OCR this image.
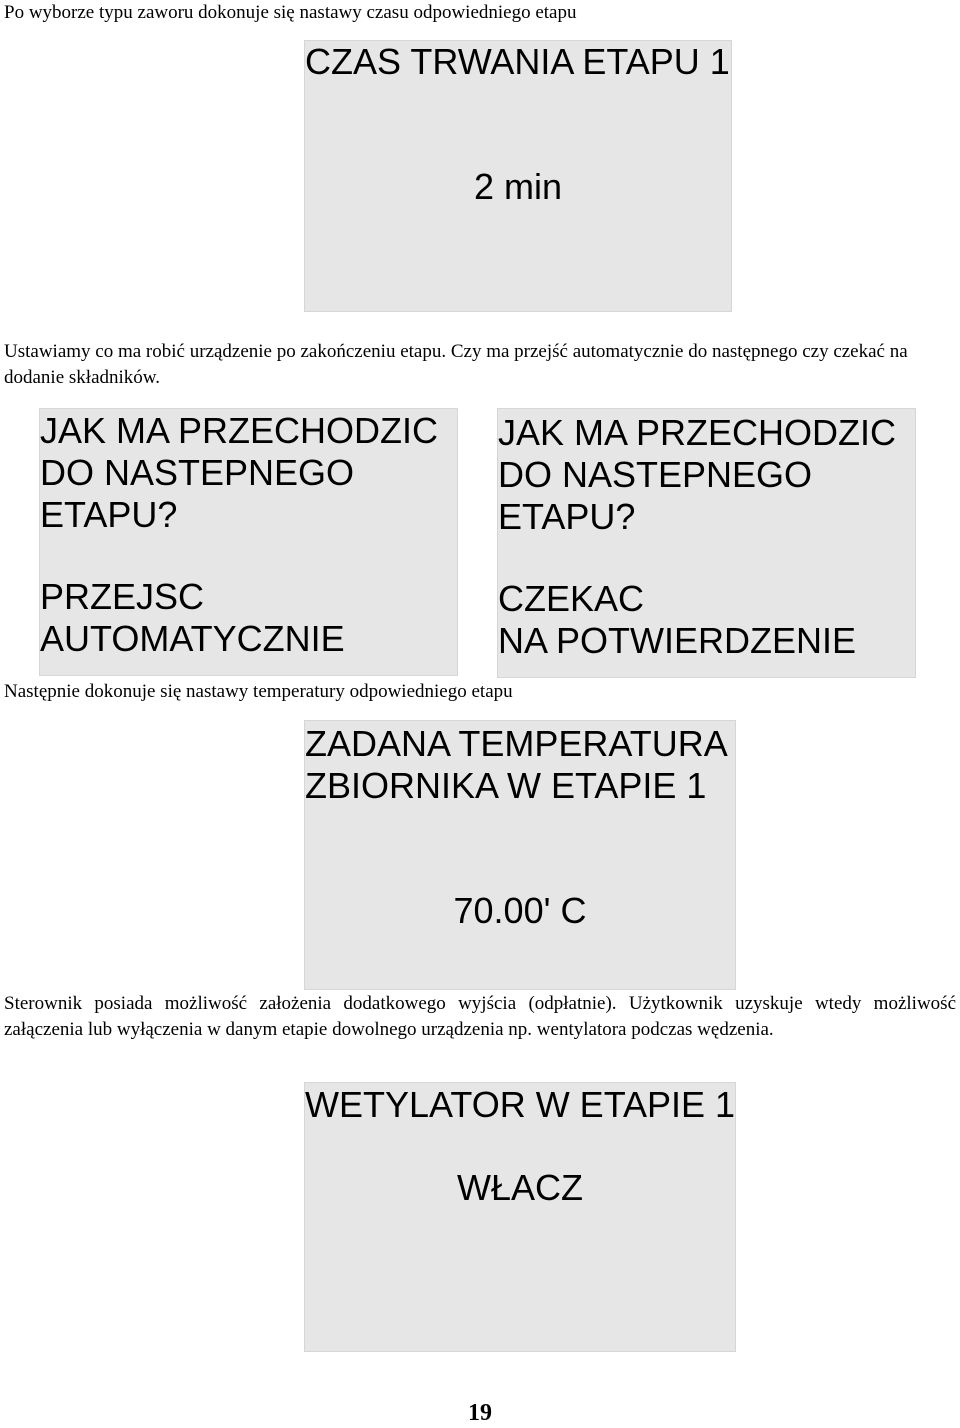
Po wyborze typu zaworu dokonuje się nastawy czasu odpowiedniego etapu

CZAS TRWANIA ETAPU 1
2 min

Ustawiamy co ma robić urządzenie po zakończeniu etapu. Czy ma przejść automatycznie do następnego czy czekać na dodanie składników.

JAK MA PRZECHODZIC
DO NASTEPNEGO
ETAPU?
PRZEJSC
AUTOMATYCZNIE
JAK MA PRZECHODZIC
DO NASTEPNEGO
ETAPU?
CZEKAC
NA POTWIERDZENIE

Następnie dokonuje się nastawy temperatury odpowiedniego etapu

ZADANA TEMPERATURA
ZBIORNIKA W ETAPIE 1
70.00' C

Sterownik posiada możliwość założenia dodatkowego wyjścia (odpłatnie). Użytkownik uzyskuje wtedy możliwość załączenia lub wyłączenia w danym etapie dowolnego urządzenia np. wentylatora podczas wędzenia.

WETYLATOR W ETAPIE 1
WŁACZ
19
